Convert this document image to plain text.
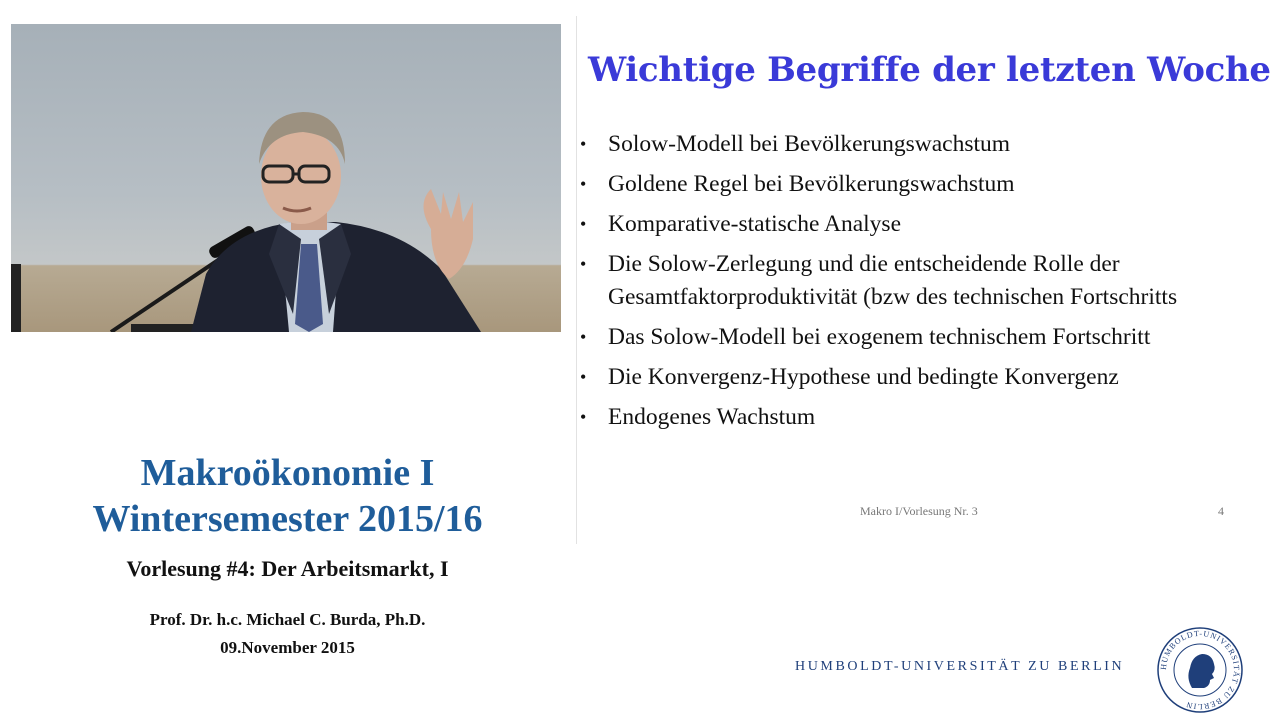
Makroökonomie I
Wintersemester 2015/16
Vorlesung #4: Der Arbeitsmarkt, I
Prof. Dr. h.c. Michael C. Burda, Ph.D.
09.November 2015
Wichtige Begriffe der letzten Woche
• Solow-Modell bei Bevölkerungswachstum
• Goldene Regel bei Bevölkerungswachstum
• Komparative-statische Analyse
• Die Solow-Zerlegung und die entscheidende Rolle der Gesamtfaktorproduktivität (bzw des technischen Fortschritts
• Das Solow-Modell bei exogenem technischem Fortschritt
• Die Konvergenz-Hypothese und bedingte Konvergenz
• Endogenes Wachstum
Makro I/Vorlesung Nr. 3	4
HUMBOLDT-UNIVERSITÄT ZU BERLIN	HUMBOLDT-UNIVERSITÄT ZU BERLIN
